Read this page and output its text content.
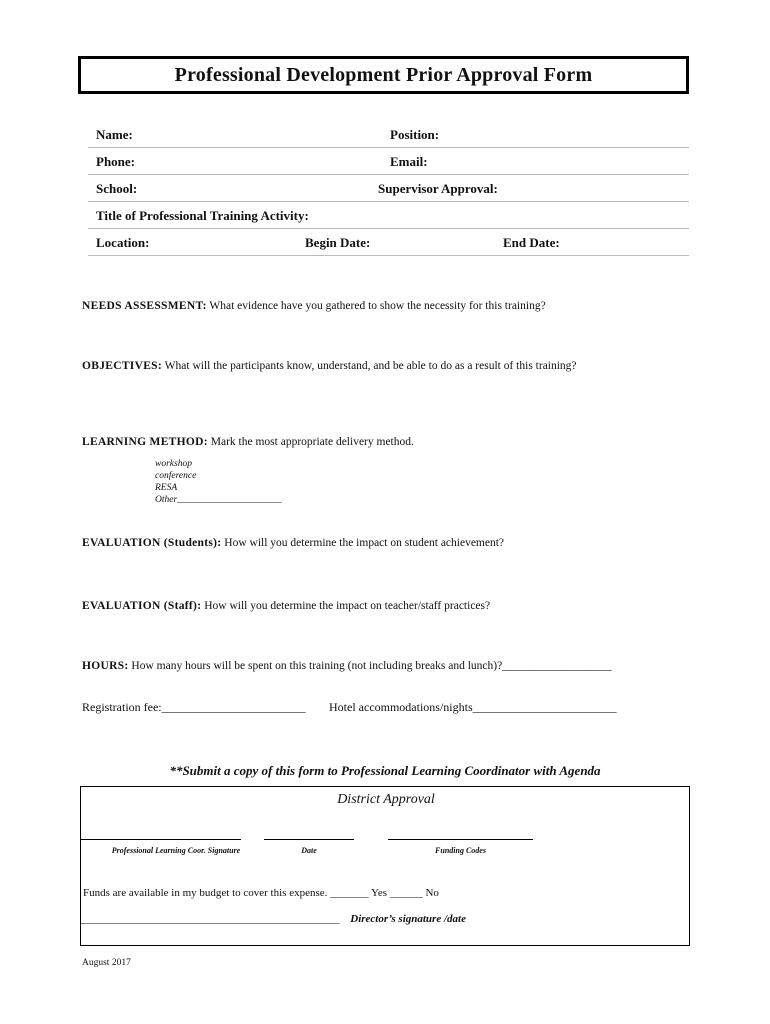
Professional Development Prior Approval Form
Name:	Position:
Phone:	Email:
School:	Supervisor Approval:
Title of Professional Training Activity:
Location:	Begin Date:	End Date:
NEEDS ASSESSMENT: What evidence have you gathered to show the necessity for this training?
OBJECTIVES: What will the participants know, understand, and be able to do as a result of this training?
LEARNING METHOD: Mark the most appropriate delivery method.
workshop
conference
RESA
Other______________________
EVALUATION (Students): How will you determine the impact on student achievement?
EVALUATION (Staff): How will you determine the impact on teacher/staff practices?
HOURS: How many hours will be spent on this training (not including breaks and lunch)?___________________
Registration fee:________________________ Hotel accommodations/nights________________________
**Submit a copy of this form to Professional Learning Coordinator with Agenda
District Approval
Professional Learning Coor. Signature	Date	Funding Codes
Funds are available in my budget to cover this expense. _______ Yes ______ No
_______________________________________________ Director’s signature /date
August 2017
